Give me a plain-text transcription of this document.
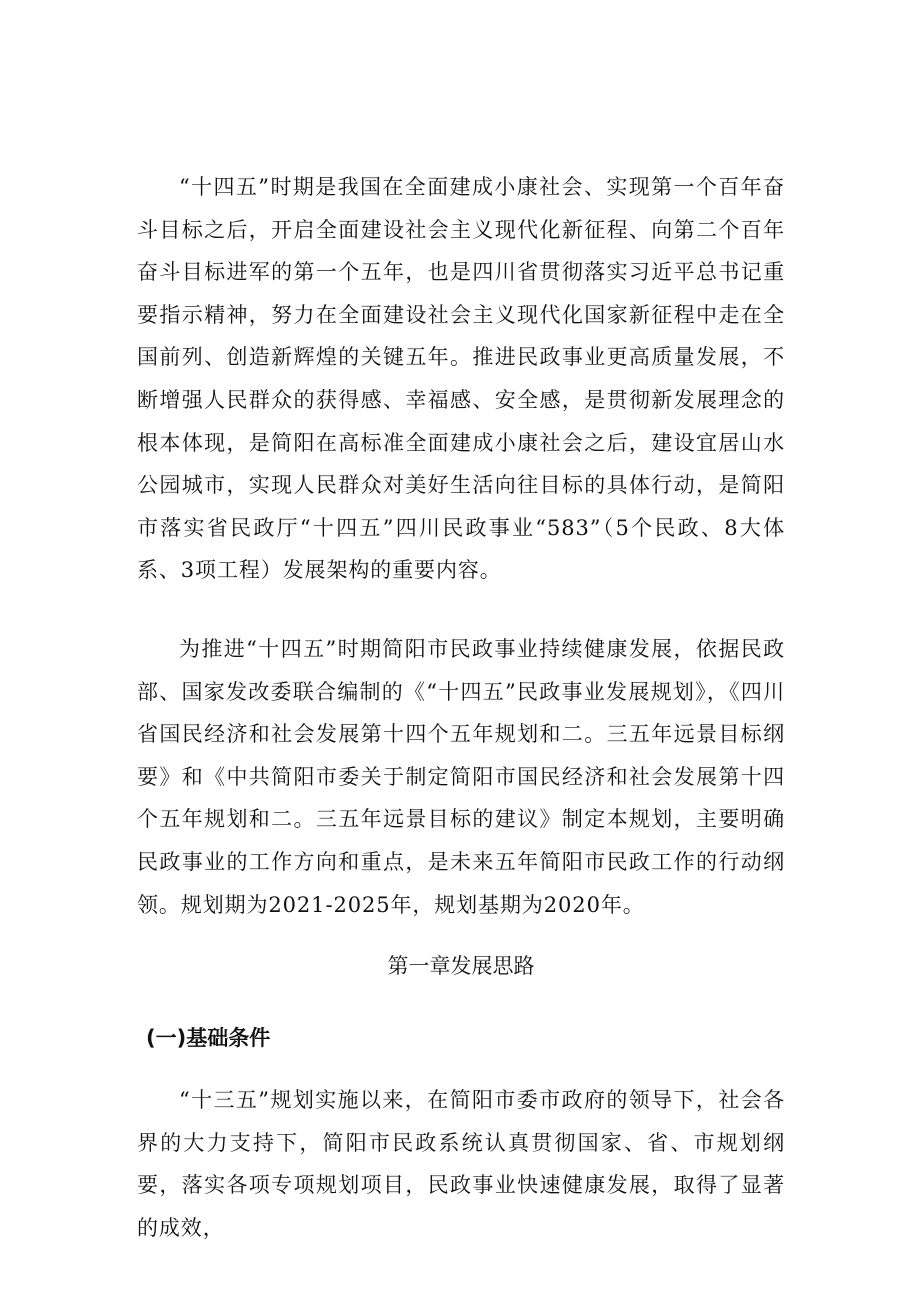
“十四五”时期是我国在全面建成小康社会、实现第一个百年奋斗目标之后，开启全面建设社会主义现代化新征程、向第二个百年奋斗目标进军的第一个五年，也是四川省贯彻落实习近平总书记重要指示精神，努力在全面建设社会主义现代化国家新征程中走在全国前列、创造新辉煌的关键五年。推进民政事业更高质量发展，不断增强人民群众的获得感、幸福感、安全感，是贯彻新发展理念的根本体现，是简阳在高标准全面建成小康社会之后，建设宜居山水公园城市，实现人民群众对美好生活向往目标的具体行动，是简阳市落实省民政厅“十四五”四川民政事业“583”（5个民政、8大体系、3项工程）发展架构的重要内容。

为推进“十四五”时期简阳市民政事业持续健康发展，依据民政部、国家发改委联合编制的《“十四五”民政事业发展规划》，《四川省国民经济和社会发展第十四个五年规划和二。三五年远景目标纲要》和《中共简阳市委关于制定简阳市国民经济和社会发展第十四个五年规划和二。三五年远景目标的建议》制定本规划，主要明确民政事业的工作方向和重点，是未来五年简阳市民政工作的行动纲领。规划期为2021-2025年，规划基期为2020年。

第一章发展思路
(一)基础条件

“十三五”规划实施以来，在简阳市委市政府的领导下，社会各界的大力支持下，简阳市民政系统认真贯彻国家、省、市规划纲要，落实各项专项规划项目，民政事业快速健康发展，取得了显著的成效，
